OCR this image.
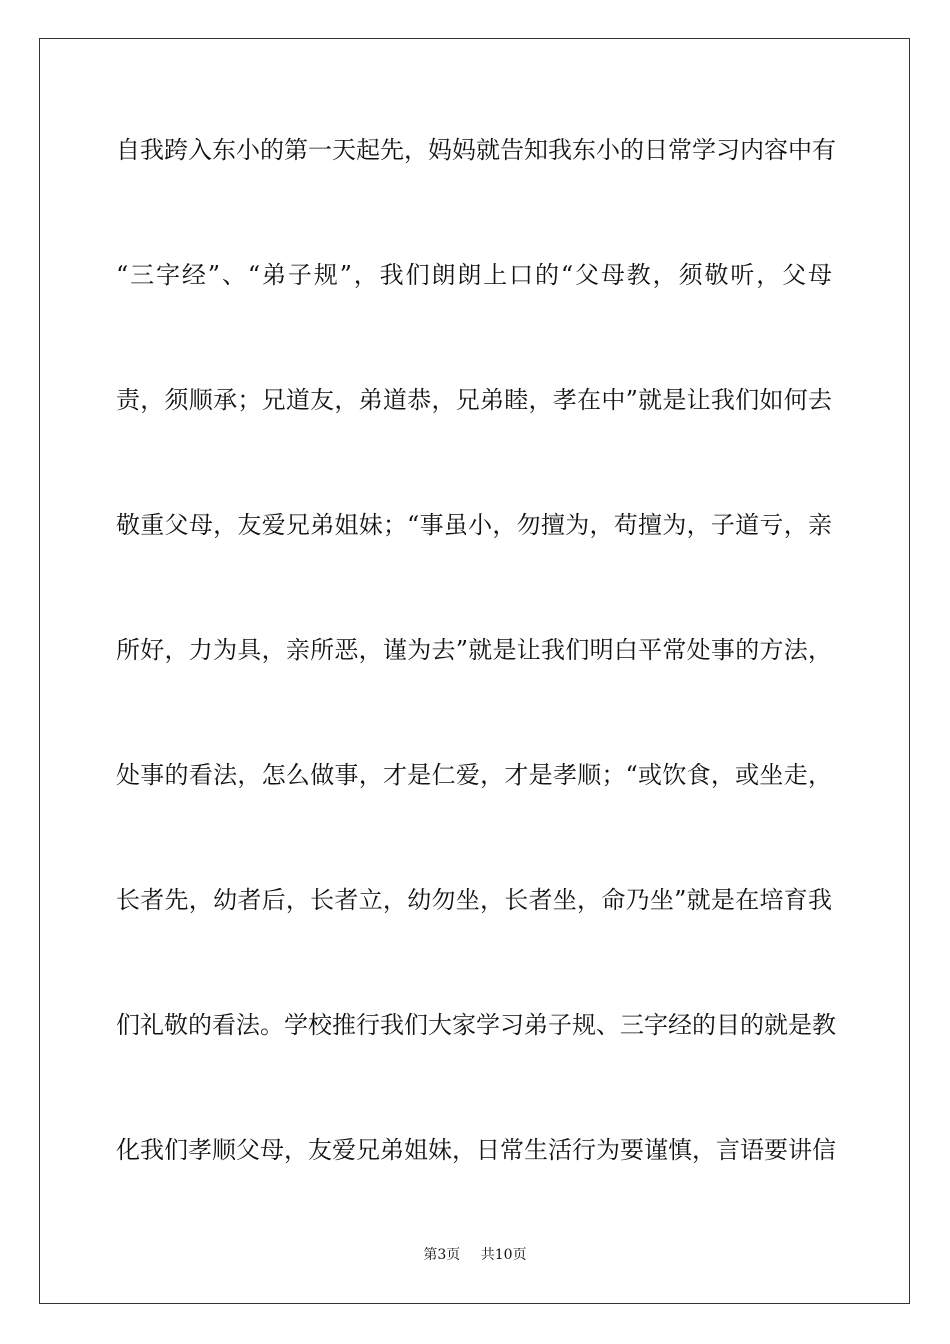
自我跨入东小的第一天起先，妈妈就告知我东小的日常学习内容中有
“三字经”、“弟子规”，我们朗朗上口的“父母教，须敬听，父母
责，须顺承；兄道友，弟道恭，兄弟睦，孝在中”就是让我们如何去
敬重父母，友爱兄弟姐妹；“事虽小，勿擅为，苟擅为，子道亏，亲
所好，力为具，亲所恶，谨为去”就是让我们明白平常处事的方法，
处事的看法，怎么做事，才是仁爱，才是孝顺；“或饮食，或坐走，
长者先，幼者后，长者立，幼勿坐，长者坐，命乃坐”就是在培育我
们礼敬的看法。学校推行我们大家学习弟子规、三字经的目的就是教
化我们孝顺父母，友爱兄弟姐妹，日常生活行为要谨慎，言语要讲信
第3页 共10页
